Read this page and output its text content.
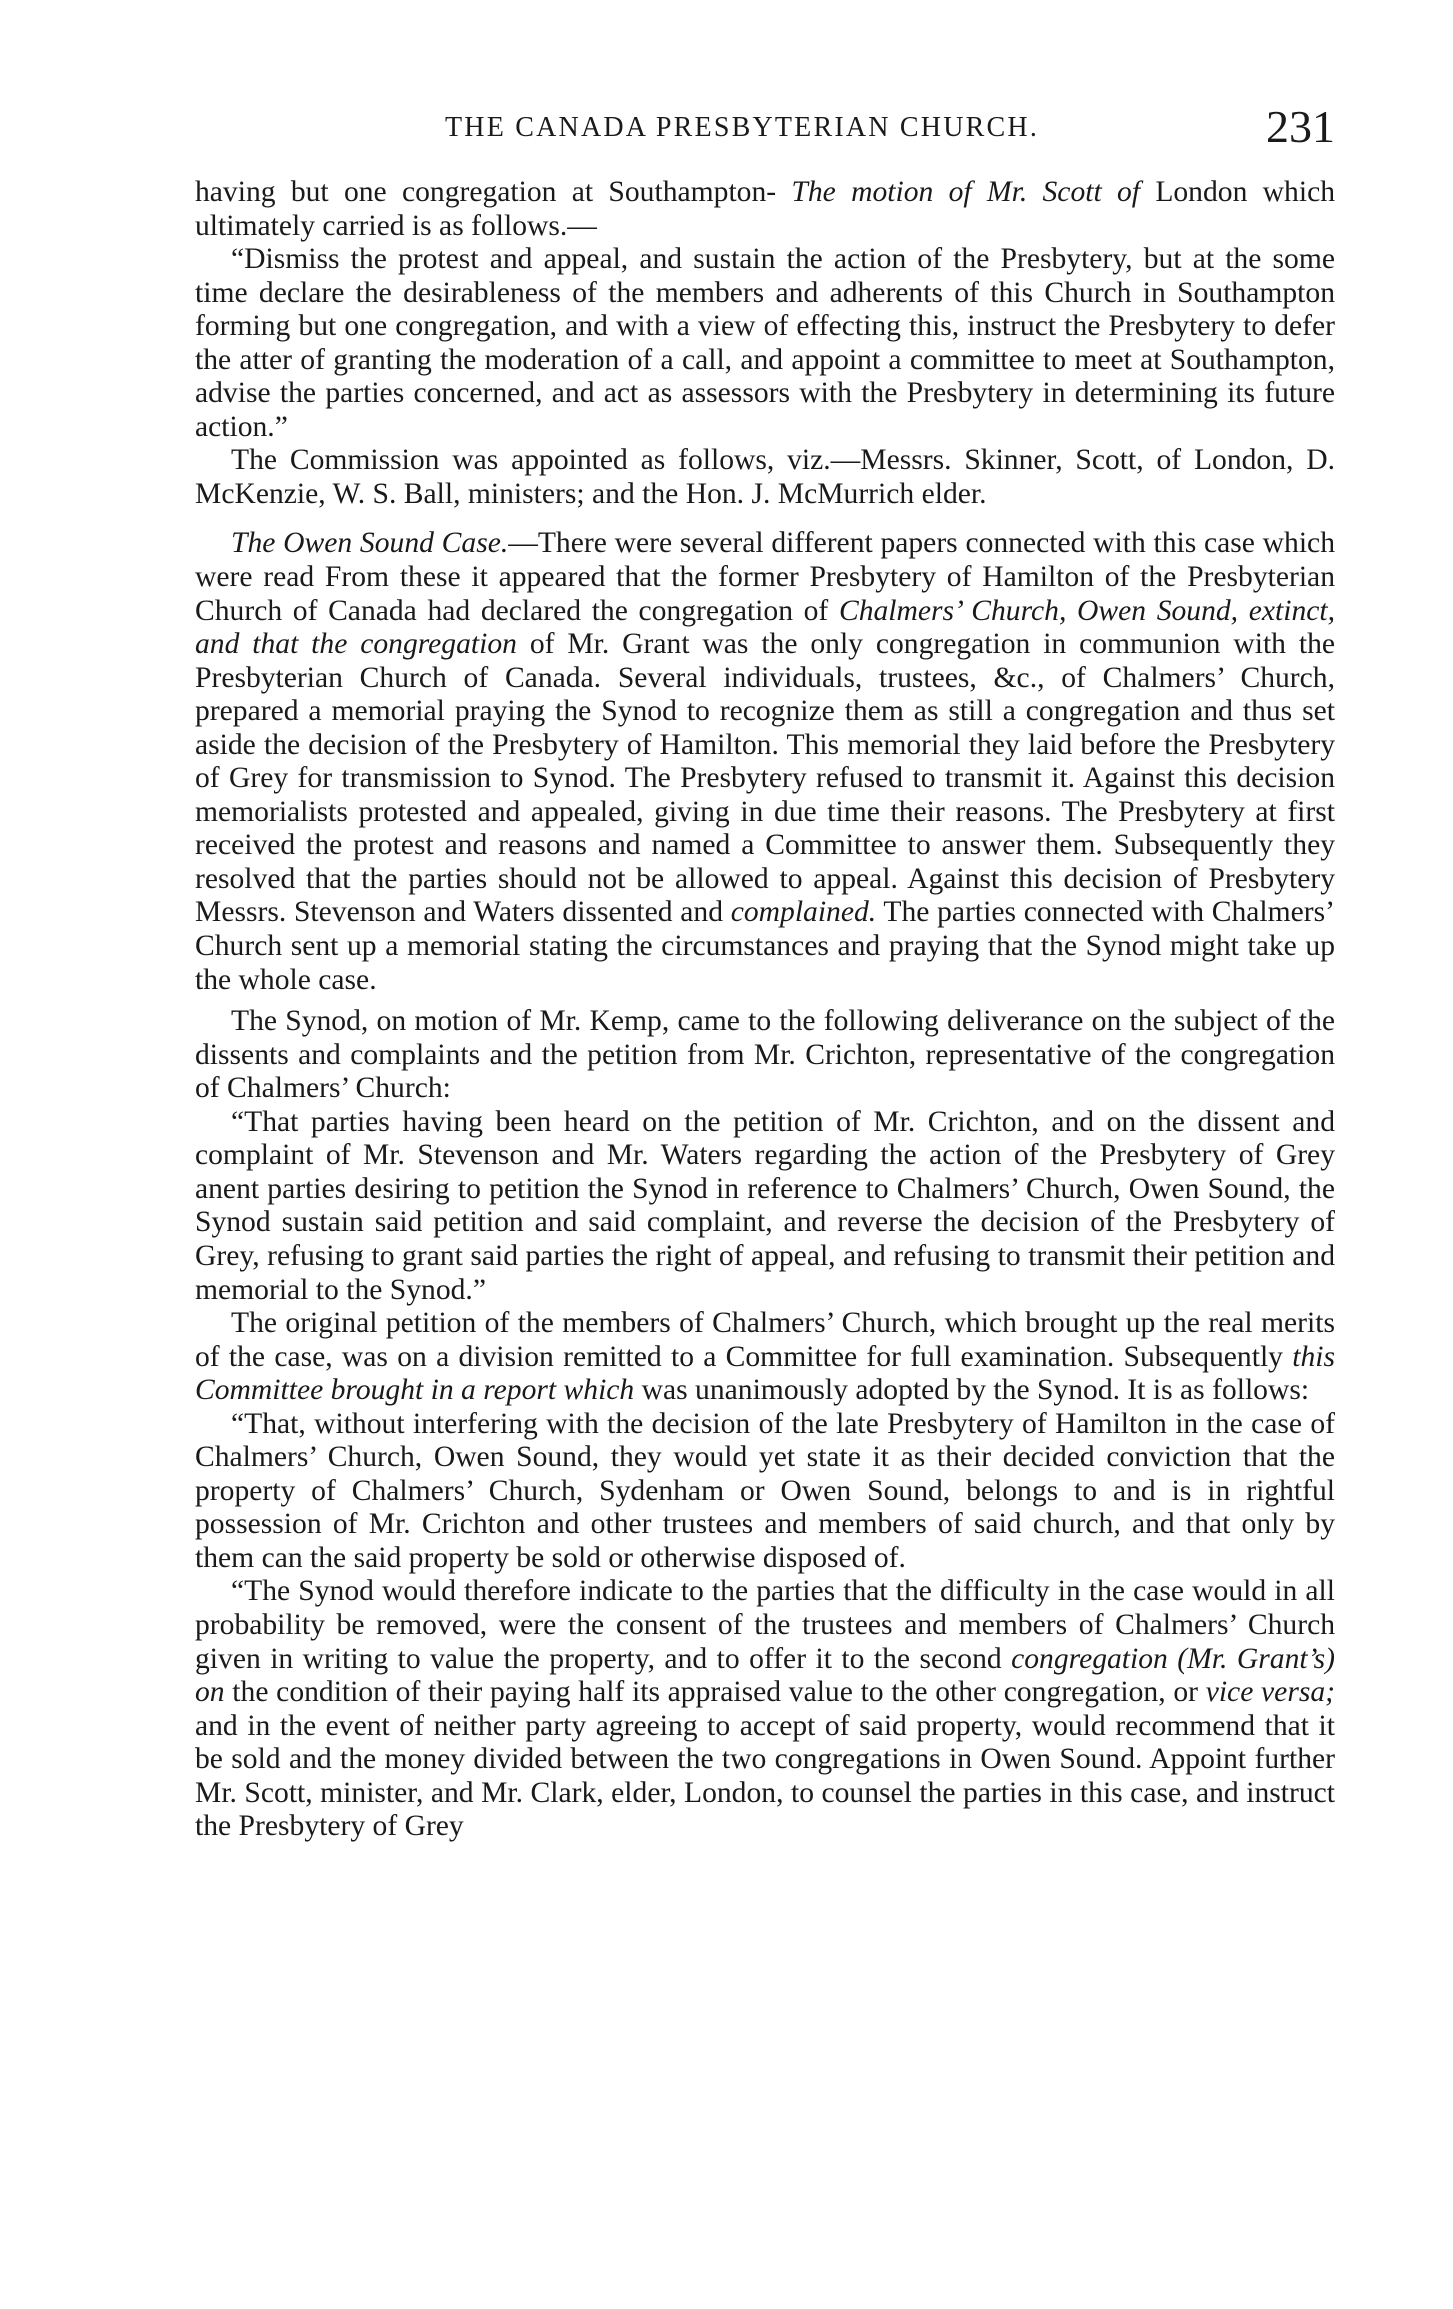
THE CANADA PRESBYTERIAN CHURCH.	231

having but one congregation at Southampton- The motion of Mr. Scott of London which ultimately carried is as follows.—

“Dismiss the protest and appeal, and sustain the action of the Presbytery, but at the some time declare the desirableness of the members and adherents of this Church in Southampton forming but one congregation, and with a view of effecting this, instruct the Presbytery to defer the atter of granting the moderation of a call, and appoint a committee to meet at Southampton, advise the parties concerned, and act as assessors with the Presbytery in determining its future action.”

The Commission was appointed as follows, viz.—Messrs. Skinner, Scott, of London, D. McKenzie, W. S. Ball, ministers; and the Hon. J. McMurrich elder.

The Owen Sound Case.—There were several different papers connected with this case which were read From these it appeared that the former Presbytery of Hamilton of the Presbyterian Church of Canada had declared the congregation of Chalmers’ Church, Owen Sound, extinct, and that the congregation of Mr. Grant was the only congregation in communion with the Presbyterian Church of Canada. Several individuals, trustees, &c., of Chalmers’ Church, prepared a memorial praying the Synod to recognize them as still a congregation and thus set aside the decision of the Presbytery of Hamilton. This memorial they laid before the Presbytery of Grey for transmission to Synod. The Presbytery refused to transmit it. Against this decision memorialists protested and appealed, giving in due time their reasons. The Presbytery at first received the protest and reasons and named a Committee to answer them. Subsequently they resolved that the parties should not be allowed to appeal. Against this decision of Presbytery Messrs. Stevenson and Waters dissented and complained. The parties connected with Chalmers’ Church sent up a memorial stating the circumstances and praying that the Synod might take up the whole case.

The Synod, on motion of Mr. Kemp, came to the following deliverance on the subject of the dissents and complaints and the petition from Mr. Crichton, representative of the congregation of Chalmers’ Church:

“That parties having been heard on the petition of Mr. Crichton, and on the dissent and complaint of Mr. Stevenson and Mr. Waters regarding the action of the Presbytery of Grey anent parties desiring to petition the Synod in reference to Chalmers’ Church, Owen Sound, the Synod sustain said petition and said complaint, and reverse the decision of the Presbytery of Grey, refusing to grant said parties the right of appeal, and refusing to transmit their petition and memorial to the Synod.”

The original petition of the members of Chalmers’ Church, which brought up the real merits of the case, was on a division remitted to a Committee for full examination. Subsequently this Committee brought in a report which was unanimously adopted by the Synod. It is as follows:

“That, without interfering with the decision of the late Presbytery of Hamilton in the case of Chalmers’ Church, Owen Sound, they would yet state it as their decided conviction that the property of Chalmers’ Church, Sydenham or Owen Sound, belongs to and is in rightful possession of Mr. Crichton and other trustees and members of said church, and that only by them can the said property be sold or otherwise disposed of.

“The Synod would therefore indicate to the parties that the difficulty in the case would in all probability be removed, were the consent of the trustees and members of Chalmers’ Church given in writing to value the property, and to offer it to the second congregation (Mr. Grant’s) on the condition of their paying half its appraised value to the other congregation, or vice versa; and in the event of neither party agreeing to accept of said property, would recommend that it be sold and the money divided between the two congregations in Owen Sound. Appoint further Mr. Scott, minister, and Mr. Clark, elder, London, to counsel the parties in this case, and instruct the Presbytery of Grey
